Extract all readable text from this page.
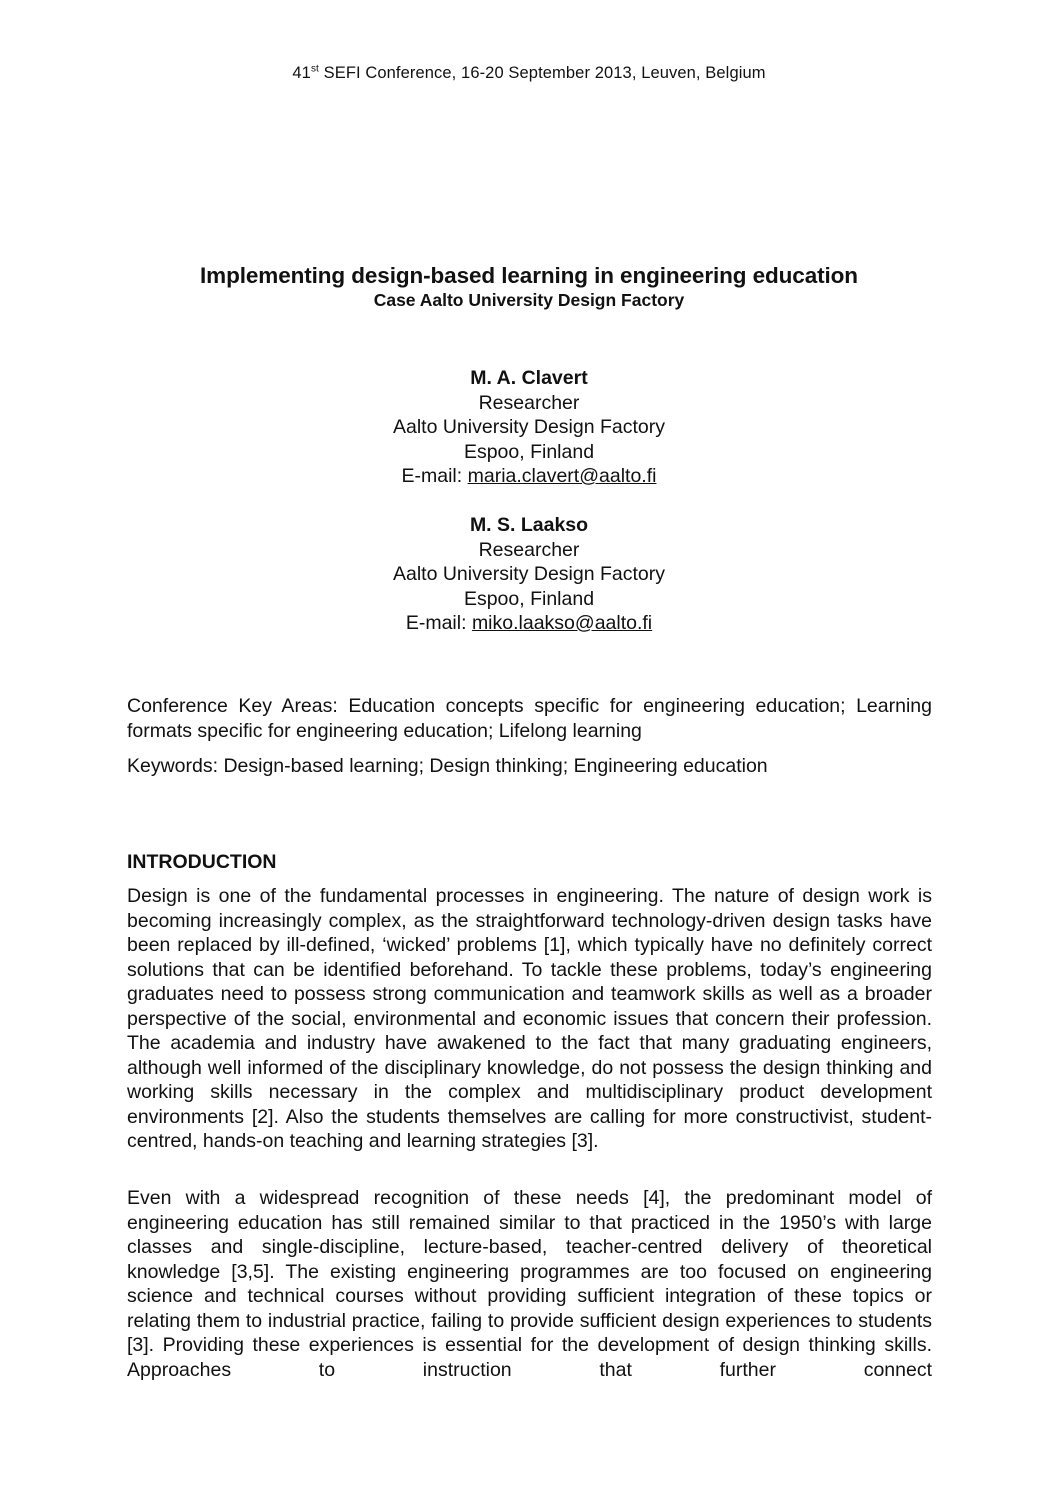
41st SEFI Conference, 16-20 September 2013, Leuven, Belgium
Implementing design-based learning in engineering education
Case Aalto University Design Factory
M. A. Clavert
Researcher
Aalto University Design Factory
Espoo, Finland
E-mail: maria.clavert@aalto.fi
M. S. Laakso
Researcher
Aalto University Design Factory
Espoo, Finland
E-mail: miko.laakso@aalto.fi

Conference Key Areas: Education concepts specific for engineering education; Learning formats specific for engineering education; Lifelong learning

Keywords: Design-based learning; Design thinking; Engineering education

INTRODUCTION

Design is one of the fundamental processes in engineering. The nature of design work is becoming increasingly complex, as the straightforward technology-driven design tasks have been replaced by ill-defined, ‘wicked’ problems [1], which typically have no definitely correct solutions that can be identified beforehand. To tackle these problems, today’s engineering graduates need to possess strong communication and teamwork skills as well as a broader perspective of the social, environmental and economic issues that concern their profession. The academia and industry have awakened to the fact that many graduating engineers, although well informed of the disciplinary knowledge, do not possess the design thinking and working skills necessary in the complex and multidisciplinary product development environments [2]. Also the students themselves are calling for more constructivist, student-centred, hands-on teaching and learning strategies [3].

Even with a widespread recognition of these needs [4], the predominant model of engineering education has still remained similar to that practiced in the 1950’s with large classes and single-discipline, lecture-based, teacher-centred delivery of theoretical knowledge [3,5]. The existing engineering programmes are too focused on engineering science and technical courses without providing sufficient integration of these topics or relating them to industrial practice, failing to provide sufficient design experiences to students [3]. Providing these experiences is essential for the development of design thinking skills. Approaches to instruction that further connect
